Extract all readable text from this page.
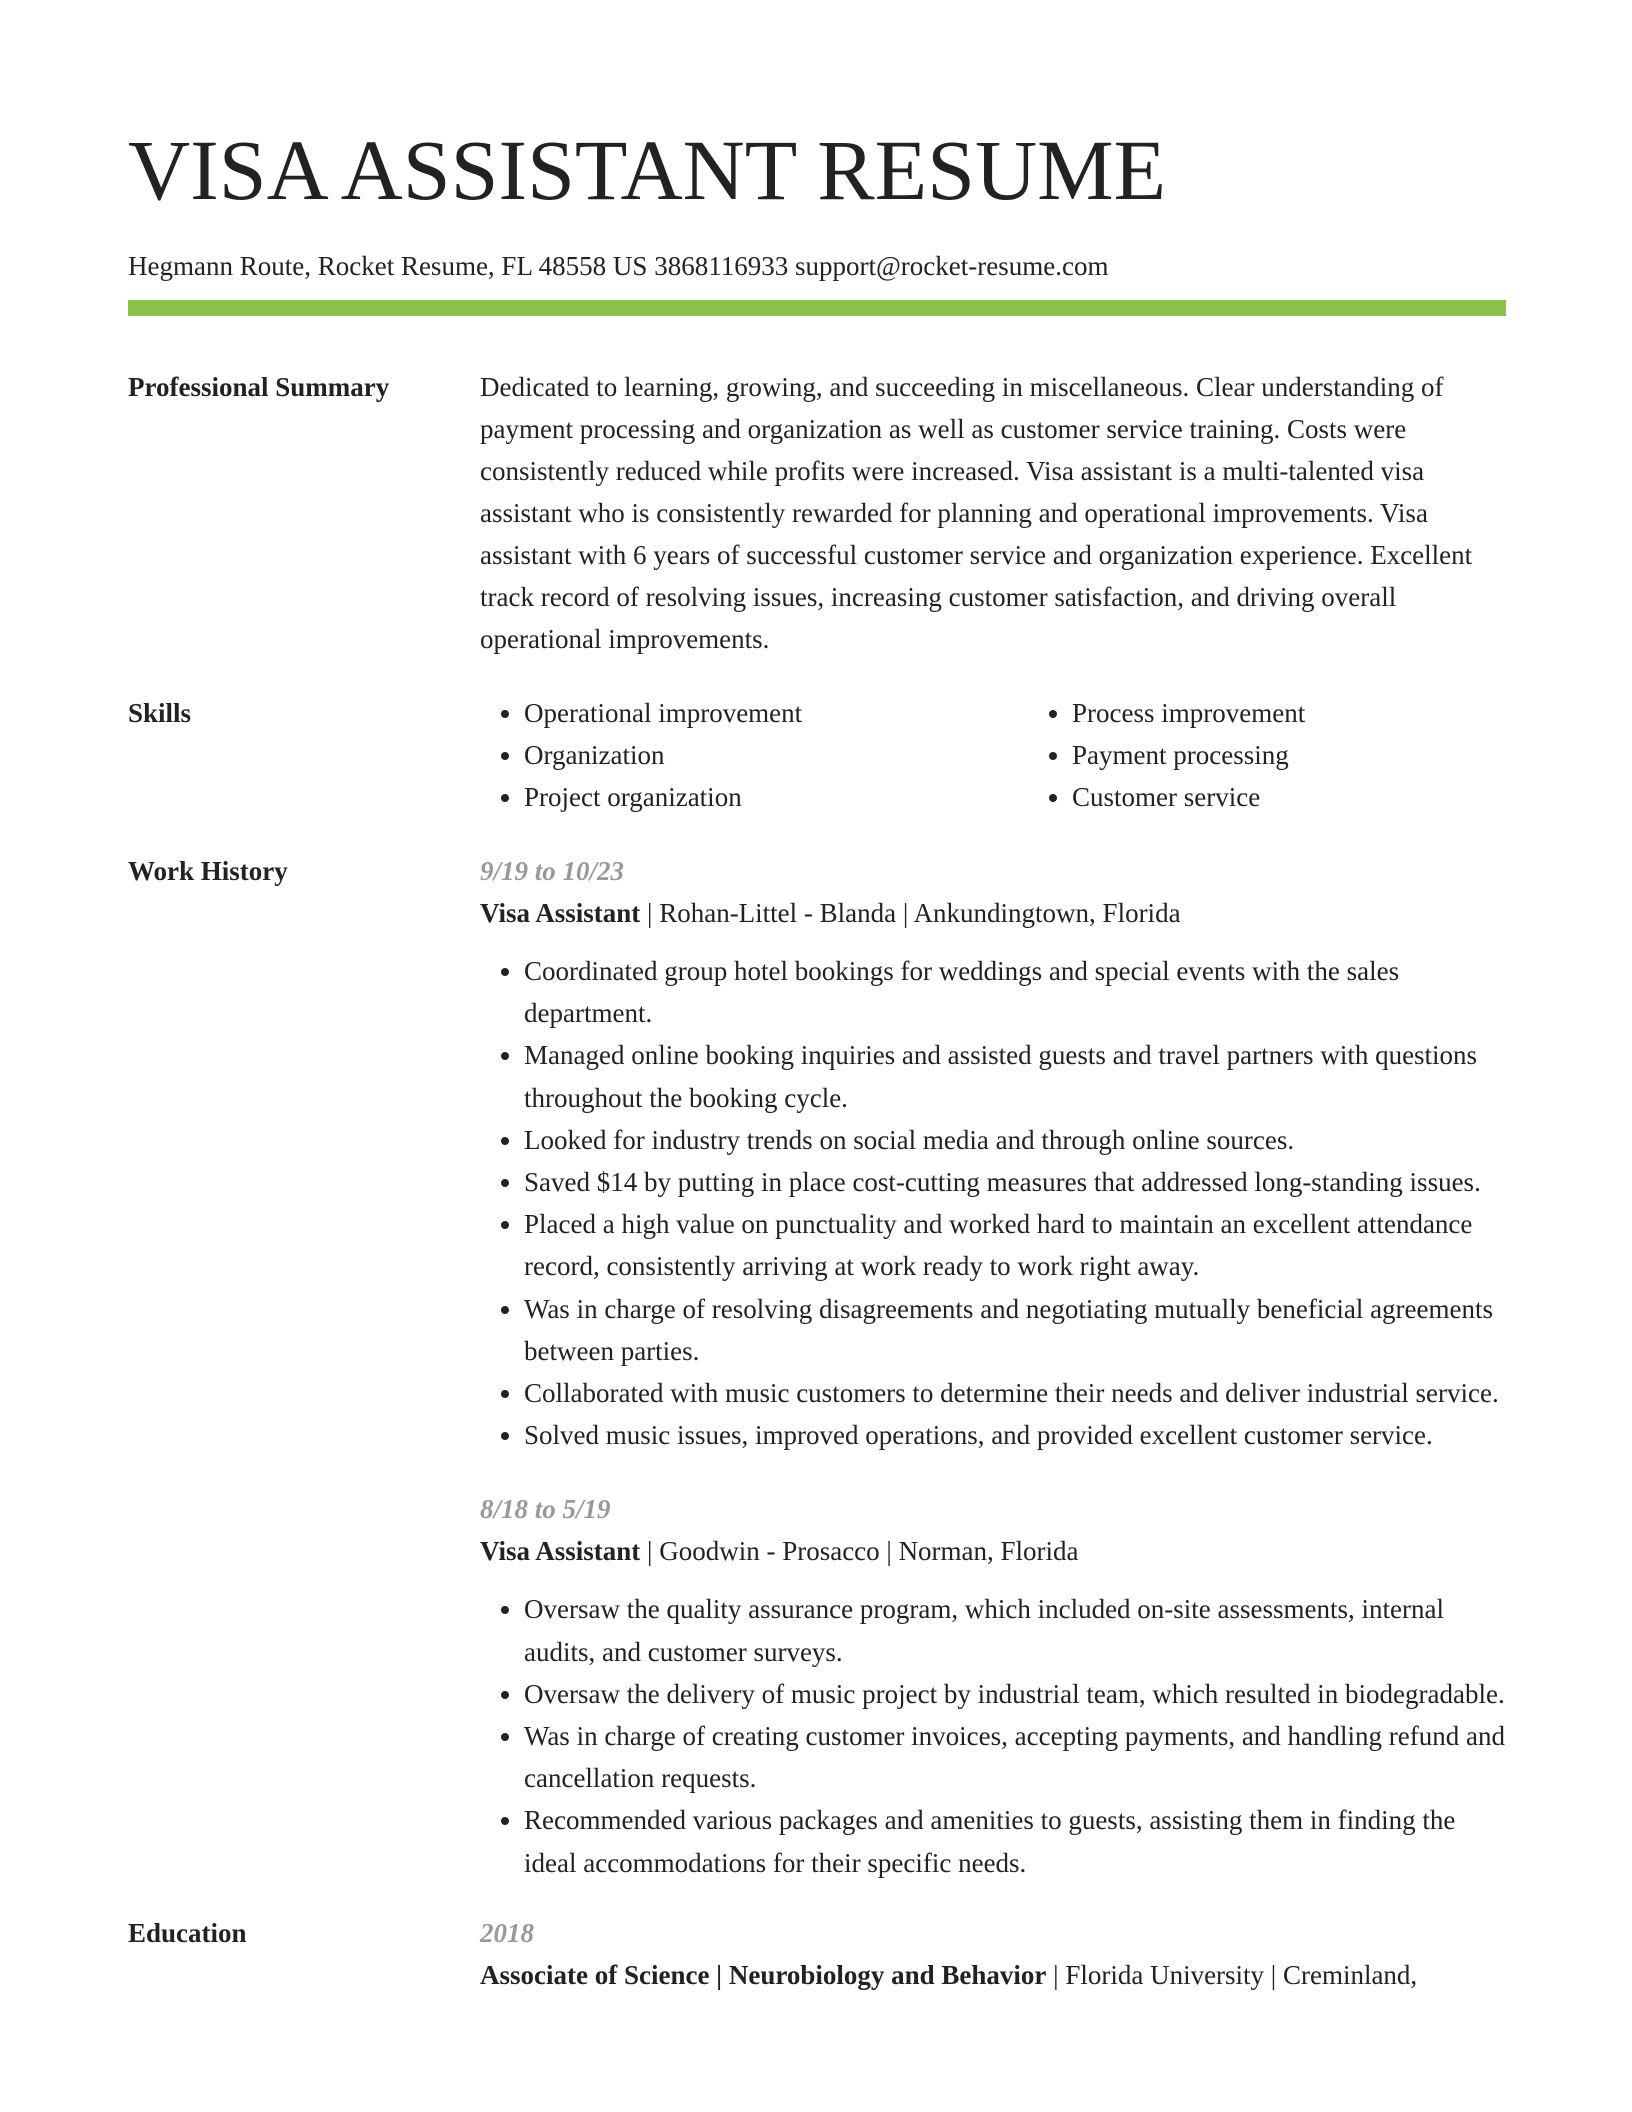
VISA ASSISTANT RESUME
Hegmann Route, Rocket Resume, FL 48558 US 3868116933 support@rocket-resume.com
Professional Summary	Dedicated to learning, growing, and succeeding in miscellaneous. Clear understanding of payment processing and organization as well as customer service training. Costs were consistently reduced while profits were increased. Visa assistant is a multi-talented visa assistant who is consistently rewarded for planning and operational improvements. Visa assistant with 6 years of successful customer service and organization experience. Excellent track record of resolving issues, increasing customer satisfaction, and driving overall operational improvements.
Skills
•	Operational improvement
• Organization
• Project organization
• Process improvement
• Payment processing
• Customer service
Work History	9/19 to 10/23
Visa Assistant | Rohan-Littel - Blanda | Ankundingtown, Florida
• Coordinated group hotel bookings for weddings and special events with the sales department.
• Managed online booking inquiries and assisted guests and travel partners with questions throughout the booking cycle.
• Looked for industry trends on social media and through online sources.
• Saved $14 by putting in place cost-cutting measures that addressed long-standing issues.
• Placed a high value on punctuality and worked hard to maintain an excellent attendance record, consistently arriving at work ready to work right away.
• Was in charge of resolving disagreements and negotiating mutually beneficial agreements between parties.
• Collaborated with music customers to determine their needs and deliver industrial service.
• Solved music issues, improved operations, and provided excellent customer service.
8/18 to 5/19
Visa Assistant | Goodwin - Prosacco | Norman, Florida
• Oversaw the quality assurance program, which included on-site assessments, internal audits, and customer surveys.
• Oversaw the delivery of music project by industrial team, which resulted in biodegradable.
• Was in charge of creating customer invoices, accepting payments, and handling refund and cancellation requests.
• Recommended various packages and amenities to guests, assisting them in finding the ideal accommodations for their specific needs.
Education	2018
Associate of Science | Neurobiology and Behavior | Florida University | Creminland,
